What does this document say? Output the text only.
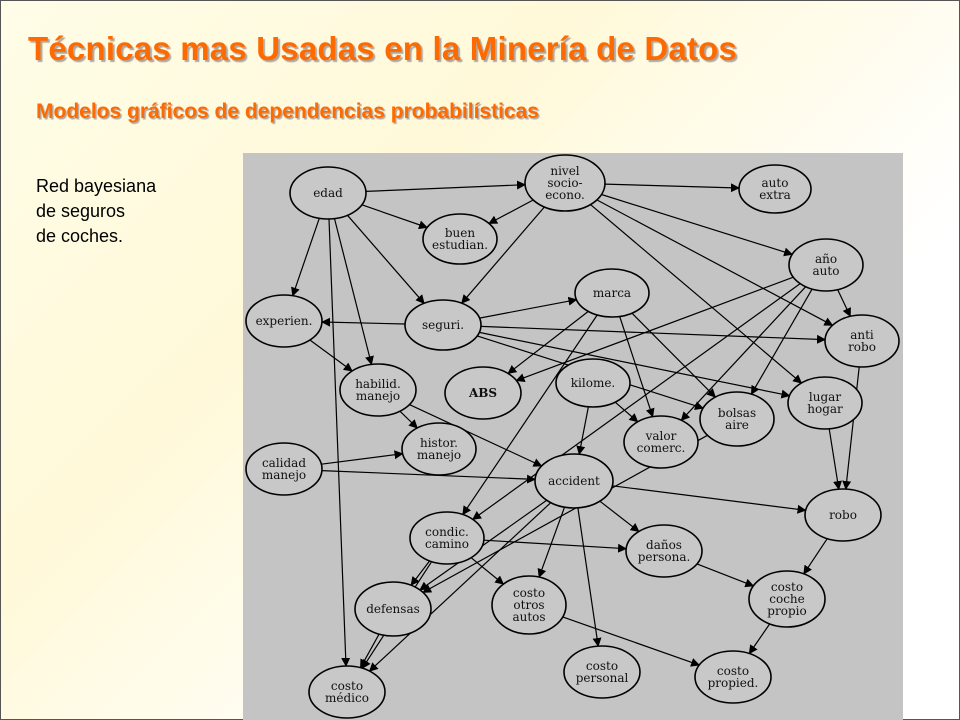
Técnicas mas Usadas en la Minería de Datos
Modelos gráficos de dependencias probabilísticas
Red bayesiana
de seguros
de coches.
edad
nivel
socio-
econo.
auto
extra
buen
estudian.
año
auto
marca
experien.	seguri.
anti
robo
habilid.
manejo	ABS
kilome.
lugar
hogar
bolsas
aire
valor
comerc.
histor.
manejo
calidad
manejo	accident
robo
condic.
camino	daños
persona.
costo
coche
propio
defensas
costo
otros
autos
costo
personal	costo
propied.
costo
médico
